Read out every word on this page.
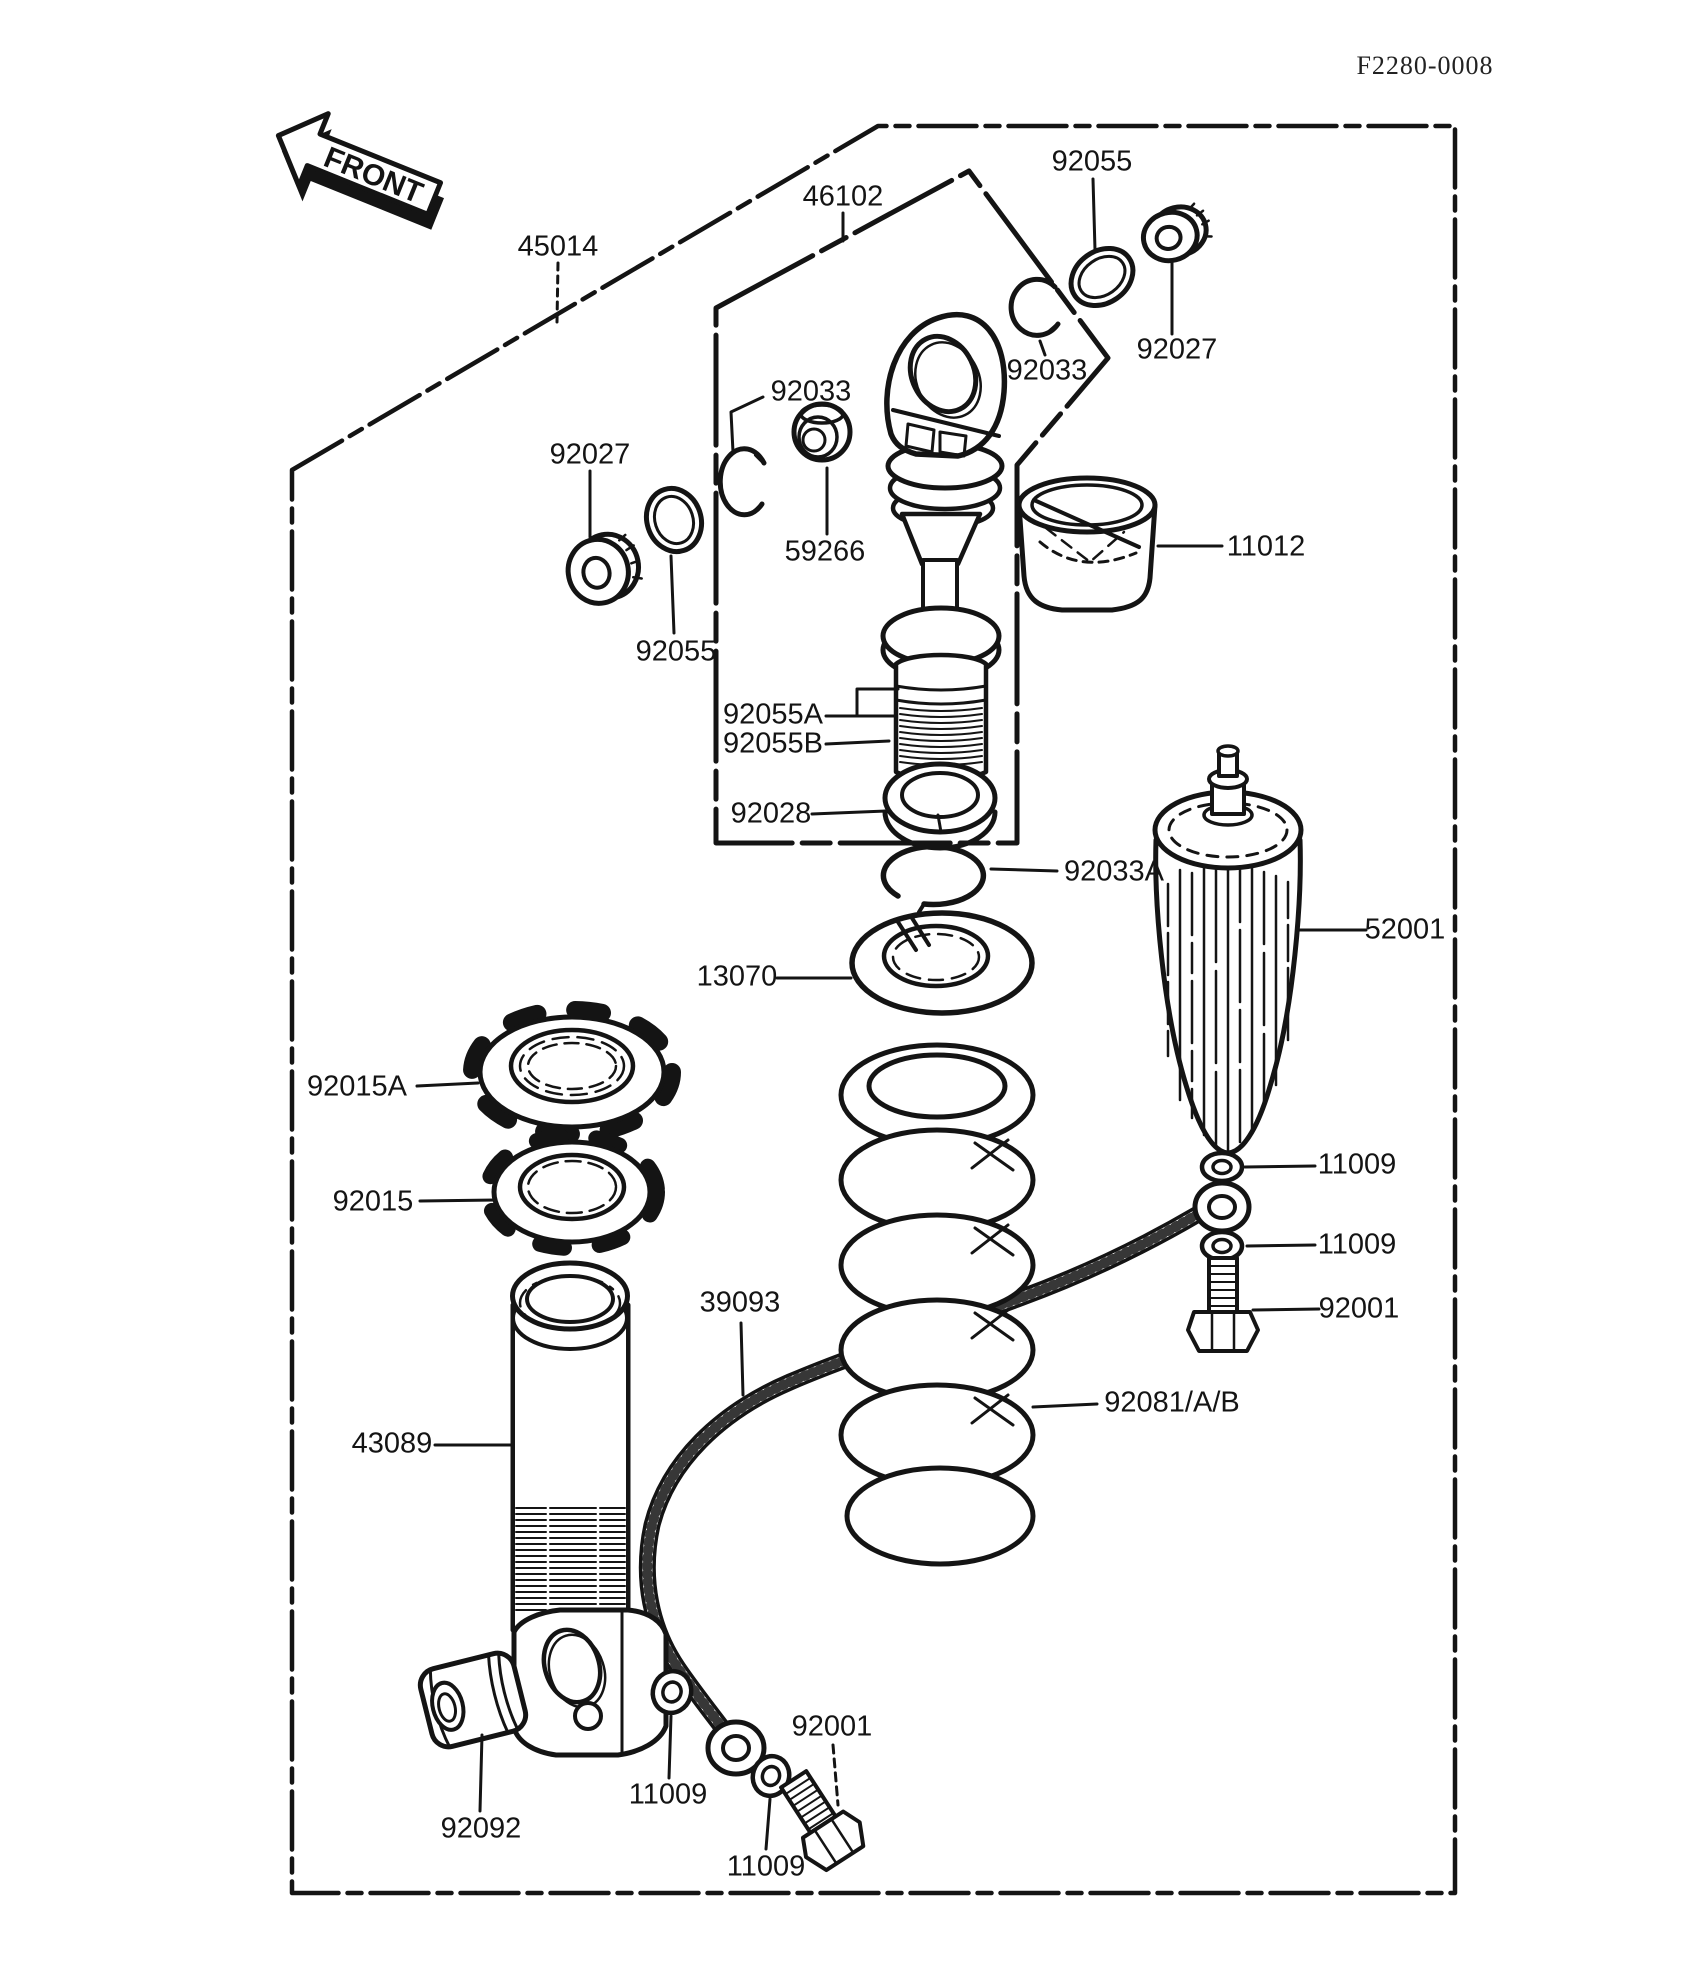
FRONT
F2280-0008
45014
46102
92055
92027
92033
92033
59266
92027
92055
11012
92055A
92055B
92028
92033A
13070
52001
92015A
92015
11009
11009
92001
39093
92081/A/B
43089
92092
11009
11009
92001
